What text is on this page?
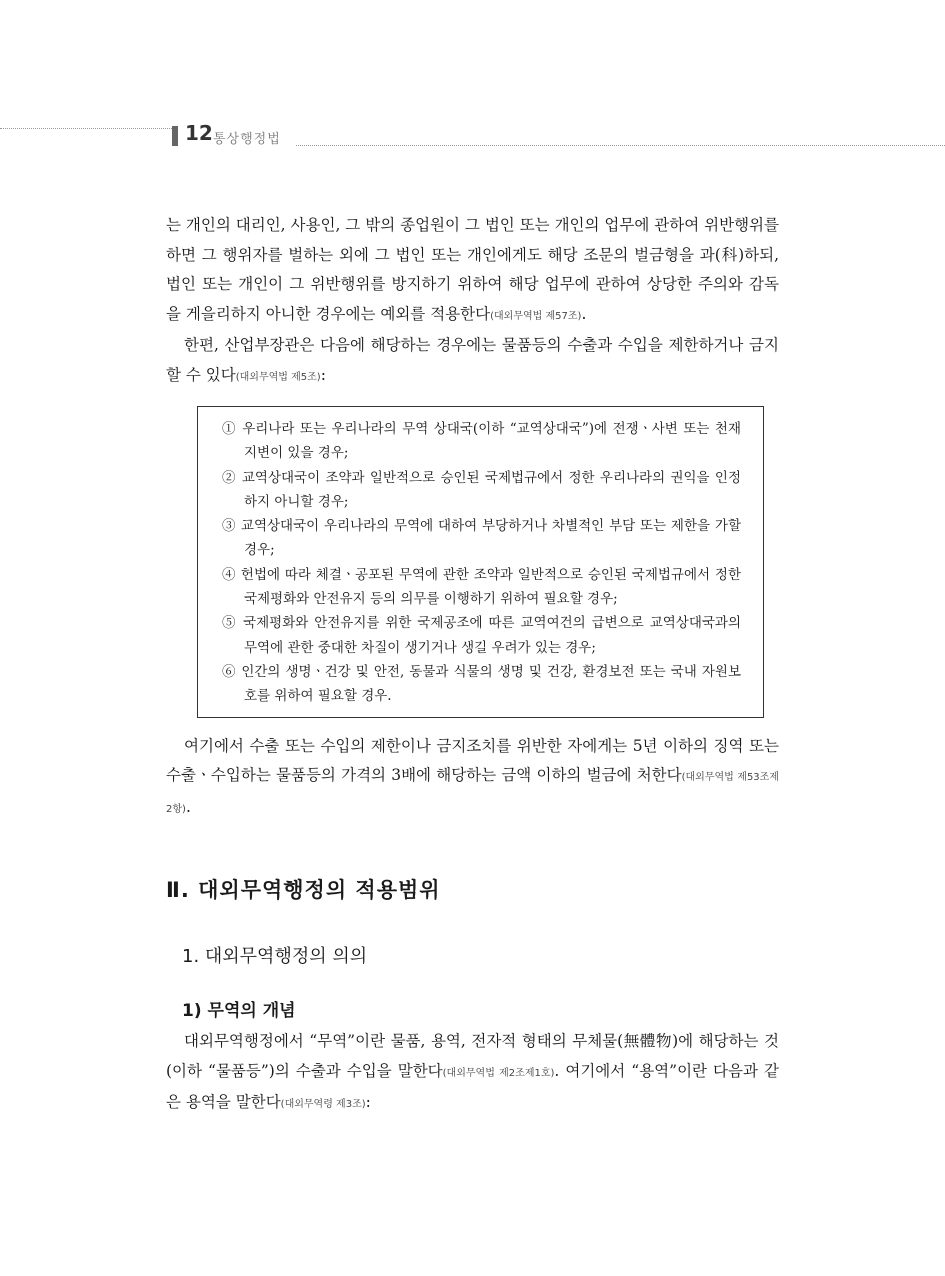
12 통상행정법

는 개인의 대리인, 사용인, 그 밖의 종업원이 그 법인 또는 개인의 업무에 관하여 위반행위를 하면 그 행위자를 벌하는 외에 그 법인 또는 개인에게도 해당 조문의 벌금형을 과(科)하되, 법인 또는 개인이 그 위반행위를 방지하기 위하여 해당 업무에 관하여 상당한 주의와 감독을 게을리하지 아니한 경우에는 예외를 적용한다(대외무역법 제57조).

한편, 산업부장관은 다음에 해당하는 경우에는 물품등의 수출과 수입을 제한하거나 금지할 수 있다(대외무역법 제5조):

① 우리나라 또는 우리나라의 무역 상대국(이하 “교역상대국”)에 전쟁ㆍ사변 또는 천재지변이 있을 경우;
② 교역상대국이 조약과 일반적으로 승인된 국제법규에서 정한 우리나라의 권익을 인정하지 아니할 경우;
③ 교역상대국이 우리나라의 무역에 대하여 부당하거나 차별적인 부담 또는 제한을 가할 경우;
④ 헌법에 따라 체결ㆍ공포된 무역에 관한 조약과 일반적으로 승인된 국제법규에서 정한 국제평화와 안전유지 등의 의무를 이행하기 위하여 필요할 경우;
⑤ 국제평화와 안전유지를 위한 국제공조에 따른 교역여건의 급변으로 교역상대국과의 무역에 관한 중대한 차질이 생기거나 생길 우려가 있는 경우;
⑥ 인간의 생명ㆍ건강 및 안전, 동물과 식물의 생명 및 건강, 환경보전 또는 국내 자원보호를 위하여 필요할 경우.

여기에서 수출 또는 수입의 제한이나 금지조치를 위반한 자에게는 5년 이하의 징역 또는 수출ㆍ수입하는 물품등의 가격의 3배에 해당하는 금액 이하의 벌금에 처한다(대외무역법 제53조제2항).

Ⅱ. 대외무역행정의 적용범위
1. 대외무역행정의 의의
1) 무역의 개념

대외무역행정에서 “무역”이란 물품, 용역, 전자적 형태의 무체물(無體物)에 해당하는 것(이하 “물품등”)의 수출과 수입을 말한다(대외무역법 제2조제1호). 여기에서 “용역”이란 다음과 같은 용역을 말한다(대외무역령 제3조):
